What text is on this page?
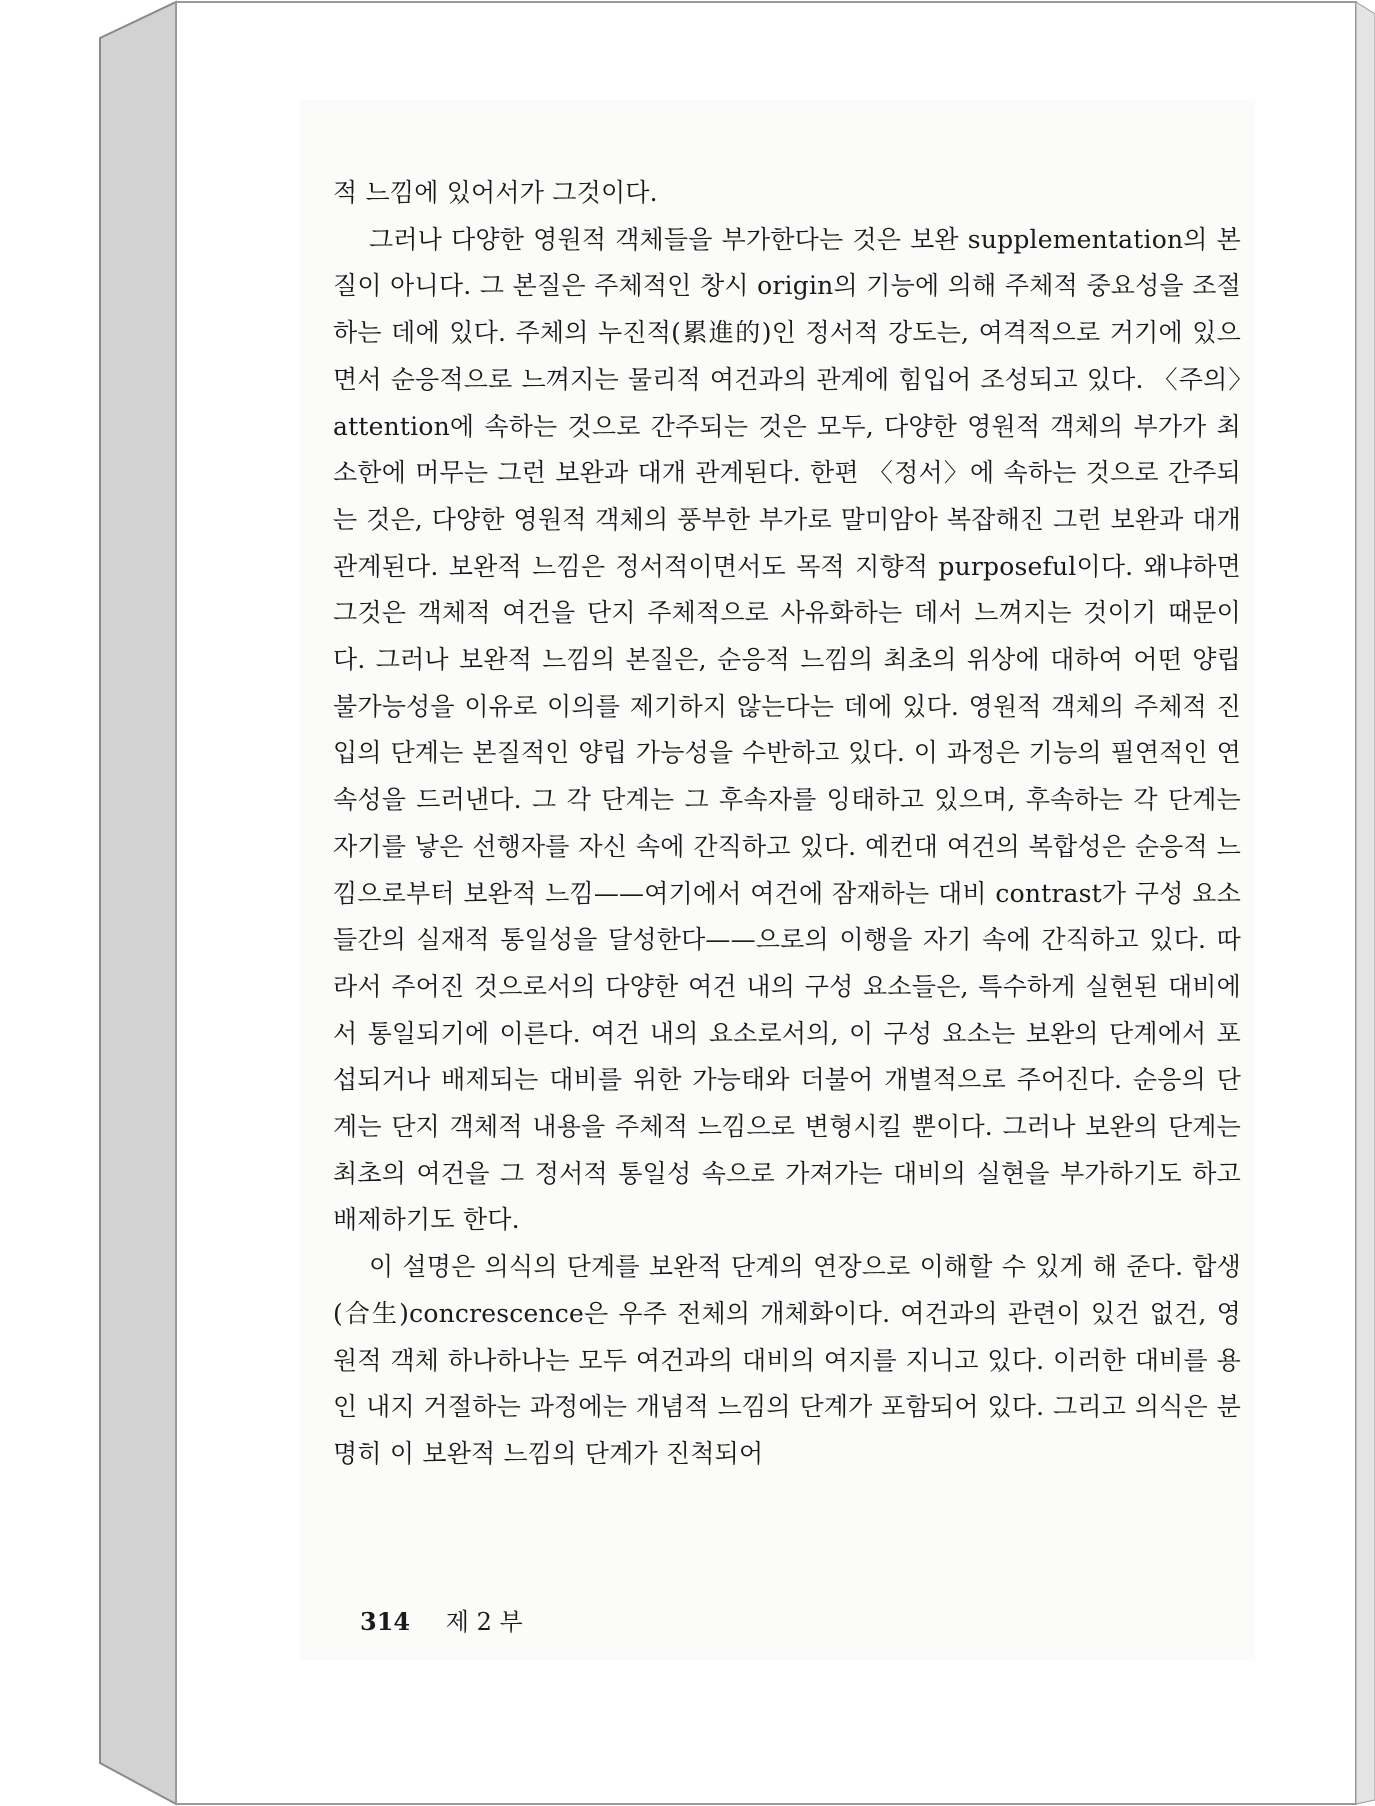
적 느낌에 있어서가 그것이다.

그러나 다양한 영원적 객체들을 부가한다는 것은 보완 supplementation의 본질이 아니다. 그 본질은 주체적인 창시 origin의 기능에 의해 주체적 중요성을 조절하는 데에 있다. 주체의 누진적(累進的)인 정서적 강도는, 여격적으로 거기에 있으면서 순응적으로 느껴지는 물리적 여건과의 관계에 힘입어 조성되고 있다. 〈주의〉attention에 속하는 것으로 간주되는 것은 모두, 다양한 영원적 객체의 부가가 최소한에 머무는 그런 보완과 대개 관계된다. 한편 〈정서〉에 속하는 것으로 간주되는 것은, 다양한 영원적 객체의 풍부한 부가로 말미암아 복잡해진 그런 보완과 대개 관계된다. 보완적 느낌은 정서적이면서도 목적 지향적 purposeful이다. 왜냐하면 그것은 객체적 여건을 단지 주체적으로 사유화하는 데서 느껴지는 것이기 때문이다. 그러나 보완적 느낌의 본질은, 순응적 느낌의 최초의 위상에 대하여 어떤 양립 불가능성을 이유로 이의를 제기하지 않는다는 데에 있다. 영원적 객체의 주체적 진입의 단계는 본질적인 양립 가능성을 수반하고 있다. 이 과정은 기능의 필연적인 연속성을 드러낸다. 그 각 단계는 그 후속자를 잉태하고 있으며, 후속하는 각 단계는 자기를 낳은 선행자를 자신 속에 간직하고 있다. 예컨대 여건의 복합성은 순응적 느낌으로부터 보완적 느낌——여기에서 여건에 잠재하는 대비 contrast가 구성 요소들간의 실재적 통일성을 달성한다——으로의 이행을 자기 속에 간직하고 있다. 따라서 주어진 것으로서의 다양한 여건 내의 구성 요소들은, 특수하게 실현된 대비에서 통일되기에 이른다. 여건 내의 요소로서의, 이 구성 요소는 보완의 단계에서 포섭되거나 배제되는 대비를 위한 가능태와 더불어 개별적으로 주어진다. 순응의 단계는 단지 객체적 내용을 주체적 느낌으로 변형시킬 뿐이다. 그러나 보완의 단계는 최초의 여건을 그 정서적 통일성 속으로 가져가는 대비의 실현을 부가하기도 하고 배제하기도 한다.

이 설명은 의식의 단계를 보완적 단계의 연장으로 이해할 수 있게 해 준다. 합생(合生)concrescence은 우주 전체의 개체화이다. 여건과의 관련이 있건 없건, 영원적 객체 하나하나는 모두 여건과의 대비의 여지를 지니고 있다. 이러한 대비를 용인 내지 거절하는 과정에는 개념적 느낌의 단계가 포함되어 있다. 그리고 의식은 분명히 이 보완적 느낌의 단계가 진척되어

314 제 2 부
